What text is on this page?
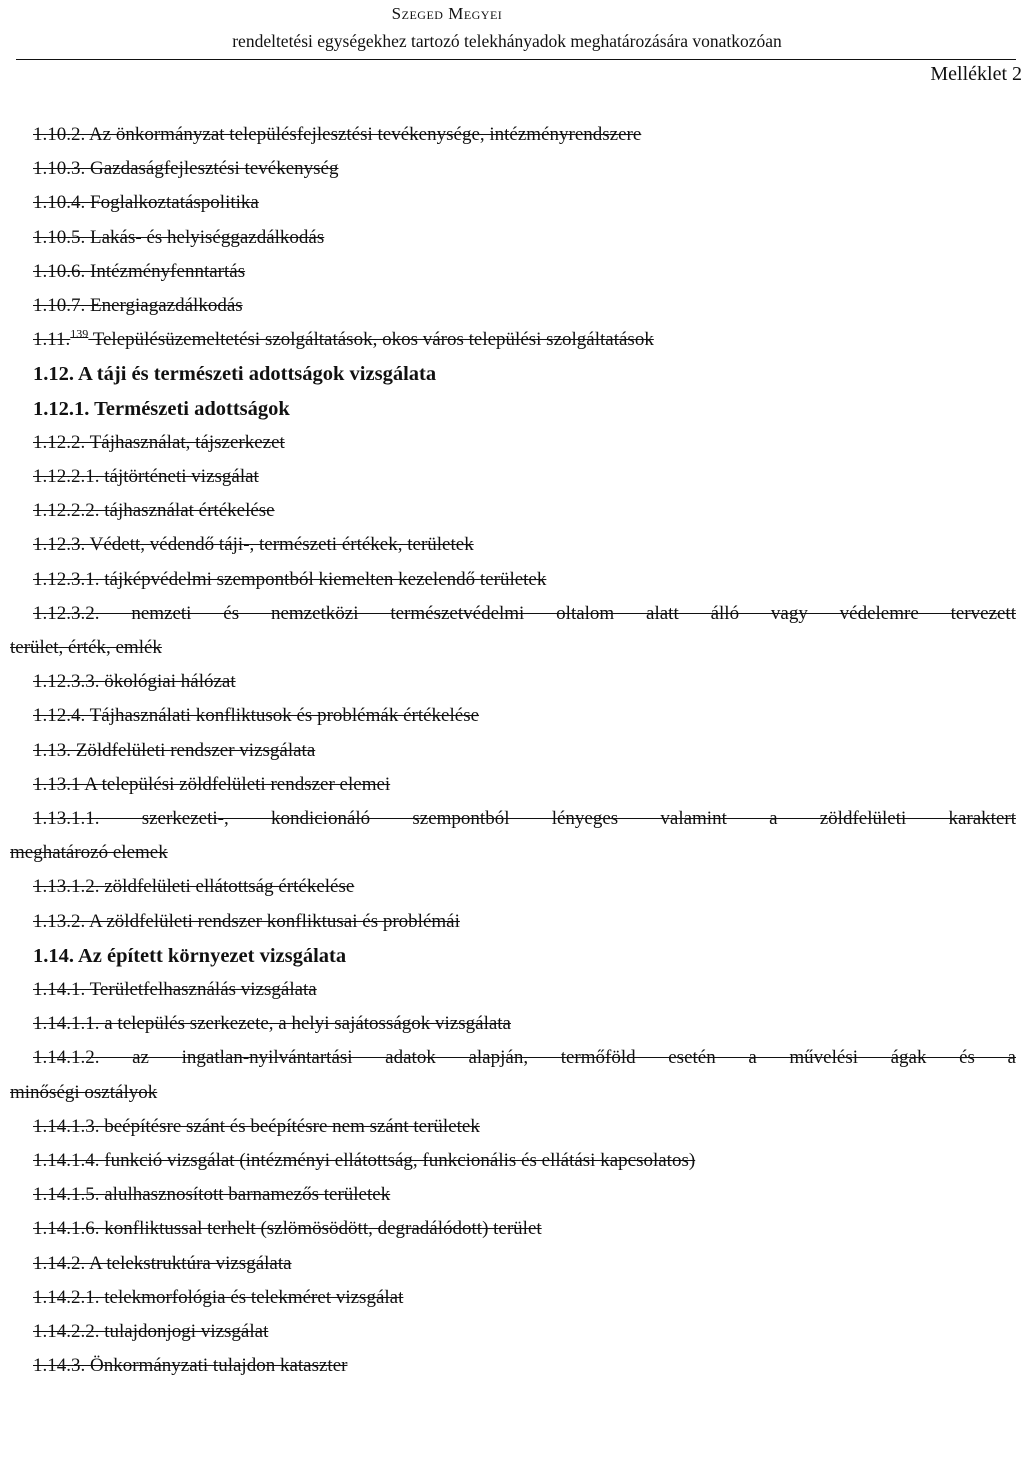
Szeged Megyei
rendeltetési egységekhez tartozó telekhányadok meghatározására vonatkozóan
Melléklet 2
1.10.2. Az önkormányzat településfejlesztési tevékenysége, intézményrendszere
1.10.3. Gazdaságfejlesztési tevékenység
1.10.4. Foglalkoztatáspolitika
1.10.5. Lakás- és helyiséggazdálkodás
1.10.6. Intézményfenntartás
1.10.7. Energiagazdálkodás
1.11.$^{139}$ Településüzemeltetési szolgáltatások, okos város települési szolgáltatások
1.12. A táji és természeti adottságok vizsgálata
1.12.1. Természeti adottságok
1.12.2. Tájhasználat, tájszerkezet
1.12.2.1. tájtörténeti vizsgálat
1.12.2.2. tájhasználat értékelése
1.12.3. Védett, védendő táji-, természeti értékek, területek
1.12.3.1. tájképvédelmi szempontból kiemelten kezelendő területek
1.12.3.2. nemzeti és nemzetközi természetvédelmi oltalom alatt álló vagy védelemre tervezett
terület, érték, emlék
1.12.3.3. ökológiai hálózat
1.12.4. Tájhasználati konfliktusok és problémák értékelése
1.13. Zöldfelületi rendszer vizsgálata
1.13.1 A települési zöldfelületi rendszer elemei
1.13.1.1. szerkezeti-, kondicionáló szempontból lényeges valamint a zöldfelületi karaktert
meghatározó elemek
1.13.1.2. zöldfelületi ellátottság értékelése
1.13.2. A zöldfelületi rendszer konfliktusai és problémái
1.14. Az épített környezet vizsgálata
1.14.1. Területfelhasználás vizsgálata
1.14.1.1. a település szerkezete, a helyi sajátosságok vizsgálata
1.14.1.2. az ingatlan-nyilvántartási adatok alapján, termőföld esetén a művelési ágak és a
minőségi osztályok
1.14.1.3. beépítésre szánt és beépítésre nem szánt területek
1.14.1.4. funkció vizsgálat (intézményi ellátottság, funkcionális és ellátási kapcsolatos)
1.14.1.5. alulhasznosított barnamezős területek
1.14.1.6. konfliktussal terhelt (szlömösödött, degradálódott) terület
1.14.2. A telekstruktúra vizsgálata
1.14.2.1. telekmorfológia és telekméret vizsgálat
1.14.2.2. tulajdonjogi vizsgálat
1.14.3. Önkormányzati tulajdon kataszter
